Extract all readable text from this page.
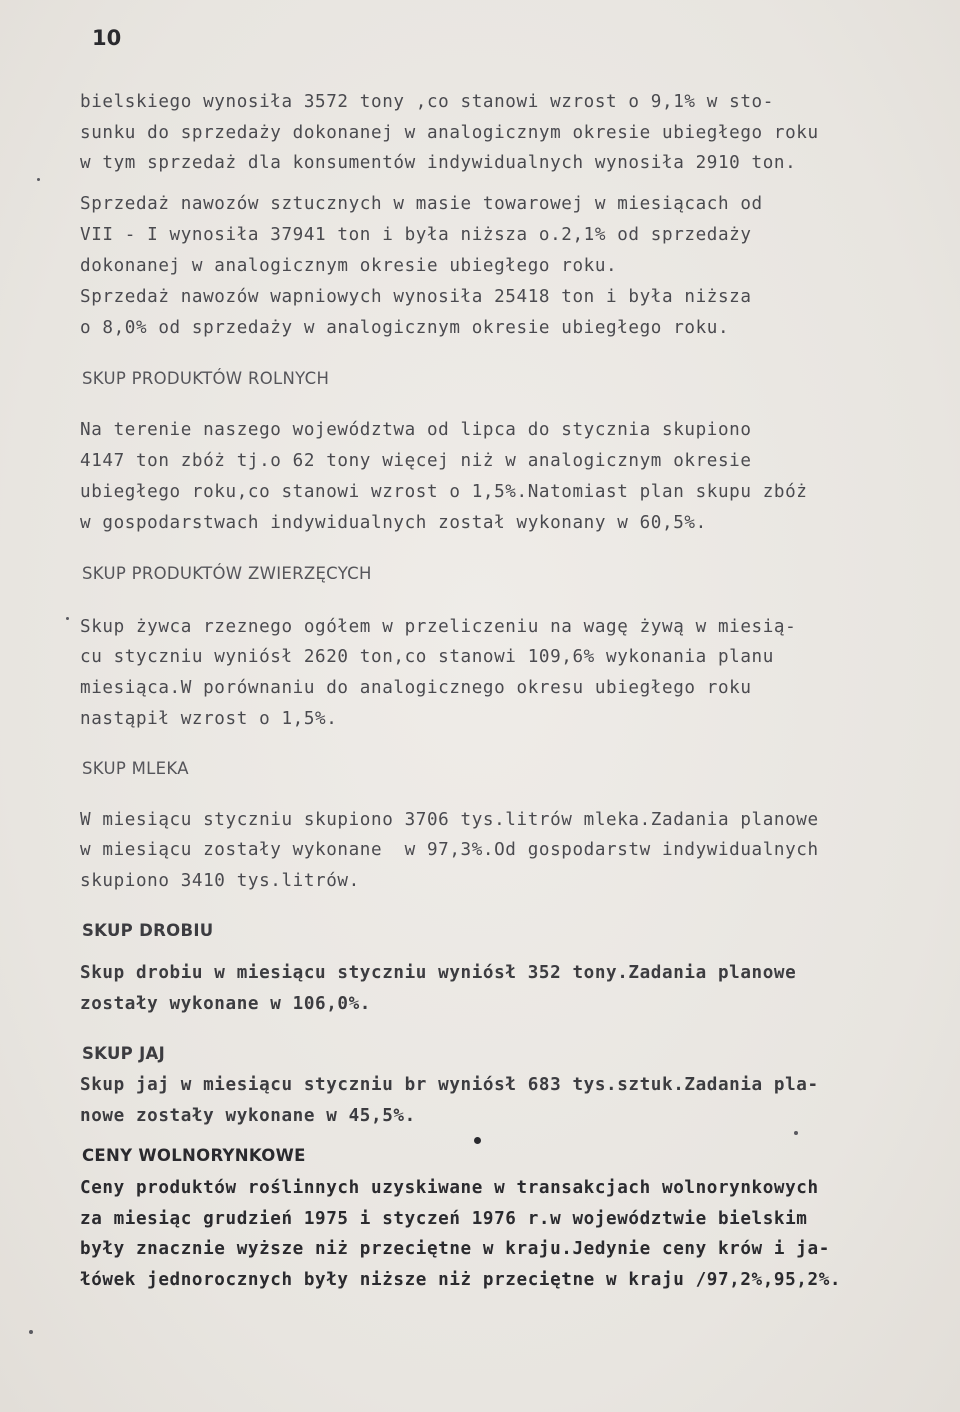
10
bielskiego wynosiła 3572 tony ,co stanowi wzrost o 9,1% w sto-
sunku do sprzedaży dokonanej w analogicznym okresie ubiegłego roku
w tym sprzedaż dla konsumentów indywidualnych wynosiła 2910 ton.
Sprzedaż nawozów sztucznych w masie towarowej w miesiącach od
VII - I wynosiła 37941 ton i była niższa o.2,1% od sprzedaży
dokonanej w analogicznym okresie ubiegłego roku.
Sprzedaż nawozów wapniowych wynosiła 25418 ton i była niższa
o 8,0% od sprzedaży w analogicznym okresie ubiegłego roku.
SKUP PRODUKTÓW ROLNYCH
Na terenie naszego województwa od lipca do stycznia skupiono
4147 ton zbóż tj.o 62 tony więcej niż w analogicznym okresie
ubiegłego roku,co stanowi wzrost o 1,5%.Natomiast plan skupu zbóż
w gospodarstwach indywidualnych został wykonany w 60,5%.
SKUP PRODUKTÓW ZWIERZĘCYCH
Skup żywca rzeznego ogółem w przeliczeniu na wagę żywą w miesią-
cu styczniu wyniósł 2620 ton,co stanowi 109,6% wykonania planu
miesiąca.W porównaniu do analogicznego okresu ubiegłego roku
nastąpił wzrost o 1,5%.
SKUP MLEKA
W miesiącu styczniu skupiono 3706 tys.litrów mleka.Zadania planowe
w miesiącu zostały wykonane  w 97,3%.Od gospodarstw indywidualnych
skupiono 3410 tys.litrów.
SKUP DROBIU
Skup drobiu w miesiącu styczniu wyniósł 352 tony.Zadania planowe
zostały wykonane w 106,0%.
SKUP JAJ
Skup jaj w miesiącu styczniu br wyniósł 683 tys.sztuk.Zadania pla-
nowe zostały wykonane w 45,5%.
CENY WOLNORYNKOWE
Ceny produktów roślinnych uzyskiwane w transakcjach wolnorynkowych
za miesiąc grudzień 1975 i styczeń 1976 r.w województwie bielskim
były znacznie wyższe niż przeciętne w kraju.Jedynie ceny krów i ja-
łówek jednorocznych były niższe niż przeciętne w kraju /97,2%,95,2%.
